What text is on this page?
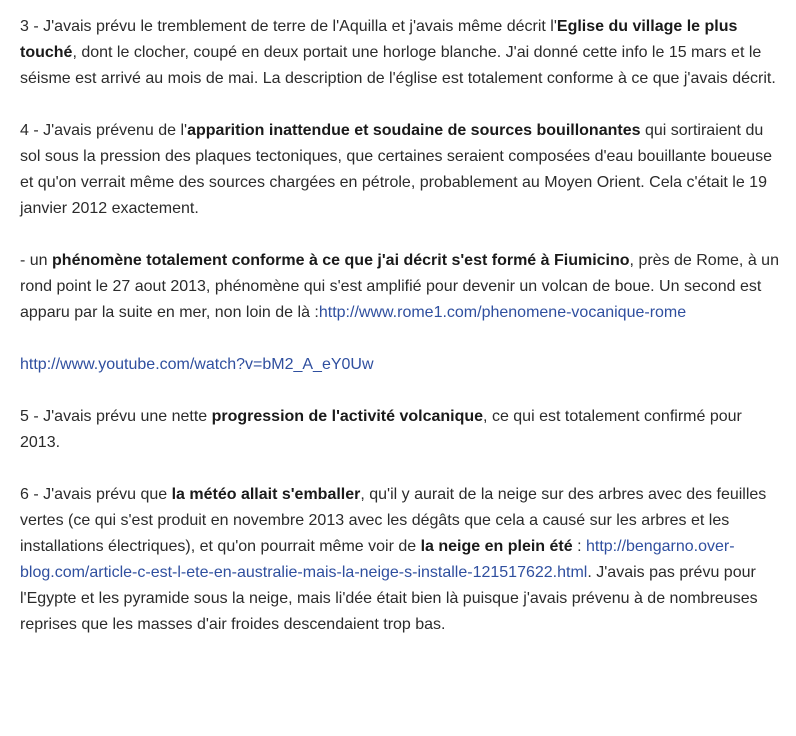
3 - J'avais prévu le tremblement de terre de l'Aquilla et j'avais même décrit l'Eglise du village le plus touché, dont le clocher, coupé en deux portait une horloge blanche. J'ai donné cette info le 15 mars et le séisme est arrivé au mois de mai. La description de l'église est totalement conforme à ce que j'avais décrit.

4 - J'avais prévenu de l'apparition inattendue et soudaine de sources bouillonantes qui sortiraient du sol sous la pression des plaques tectoniques, que certaines seraient composées d'eau bouillante boueuse et qu'on verrait même des sources chargées en pétrole, probablement au Moyen Orient. Cela c'était le 19 janvier 2012 exactement.

- un phénomène totalement conforme à ce que j'ai décrit s'est formé à Fiumicino, près de Rome, à un rond point le 27 aout 2013, phénomène qui s'est amplifié pour devenir un volcan de boue. Un second est apparu par la suite en mer, non loin de là :http://www.rome1.com/phenomene-vocanique-rome

http://www.youtube.com/watch?v=bM2_A_eY0Uw

5 - J'avais prévu une nette progression de l'activité volcanique, ce qui est totalement confirmé pour 2013.

6 - J'avais prévu que la météo allait s'emballer, qu'il y aurait de la neige sur des arbres avec des feuilles vertes (ce qui s'est produit en novembre 2013 avec les dégâts que cela a causé sur les arbres et les installations électriques), et qu'on pourrait même voir de la neige en plein été : http://bengarno.over-blog.com/article-c-est-l-ete-en-australie-mais-la-neige-s-installe-121517622.html. J'avais pas prévu pour l'Egypte et les pyramide sous la neige, mais li'dée était bien là puisque j'avais prévenu à de nombreuses reprises que les masses d'air froides descendaient trop bas.
